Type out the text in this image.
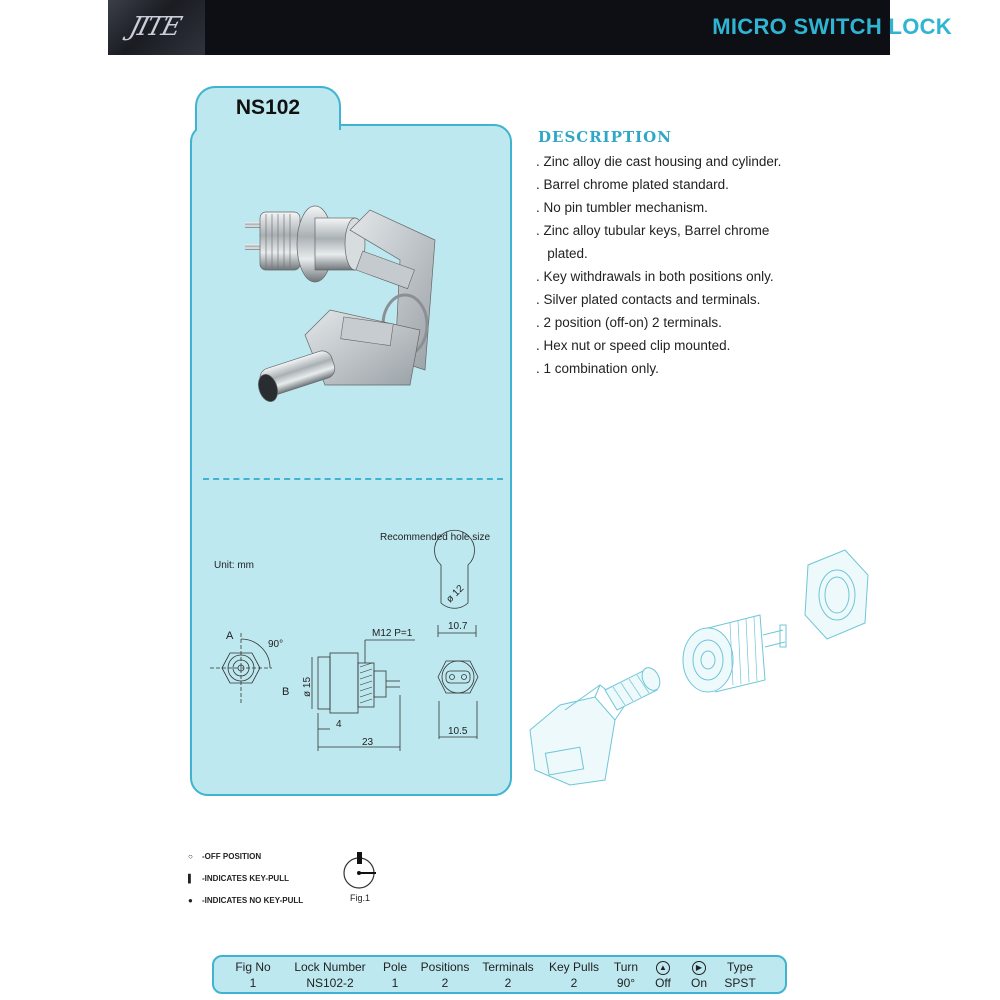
JITE	MICRO SWITCH LOCK
NS102
Recommended hole size
Unit: mm
A
B
90°
M12 P=1
ø 15
4
23
ø 12
10.7
10.5
DESCRIPTION
. Zinc alloy die cast housing and cylinder.
. Barrel chrome plated standard.
. No pin tumbler mechanism.
. Zinc alloy tubular keys, Barrel chrome
plated.
. Key withdrawals in both positions only.
. Silver plated contacts and terminals.
. 2 position (off-on) 2 terminals.
. Hex nut or speed clip mounted.
. 1 combination only.
○ -OFF POSITION
▌ -INDICATES KEY-PULL
● -INDICATES NO KEY-PULL	Fig.1
Fig No	Lock Number	Pole	Positions	Terminals	Key Pulls	Turn	▲	▶	Type
1	NS102-2	1	2	2	2	90°	Off	On	SPST
